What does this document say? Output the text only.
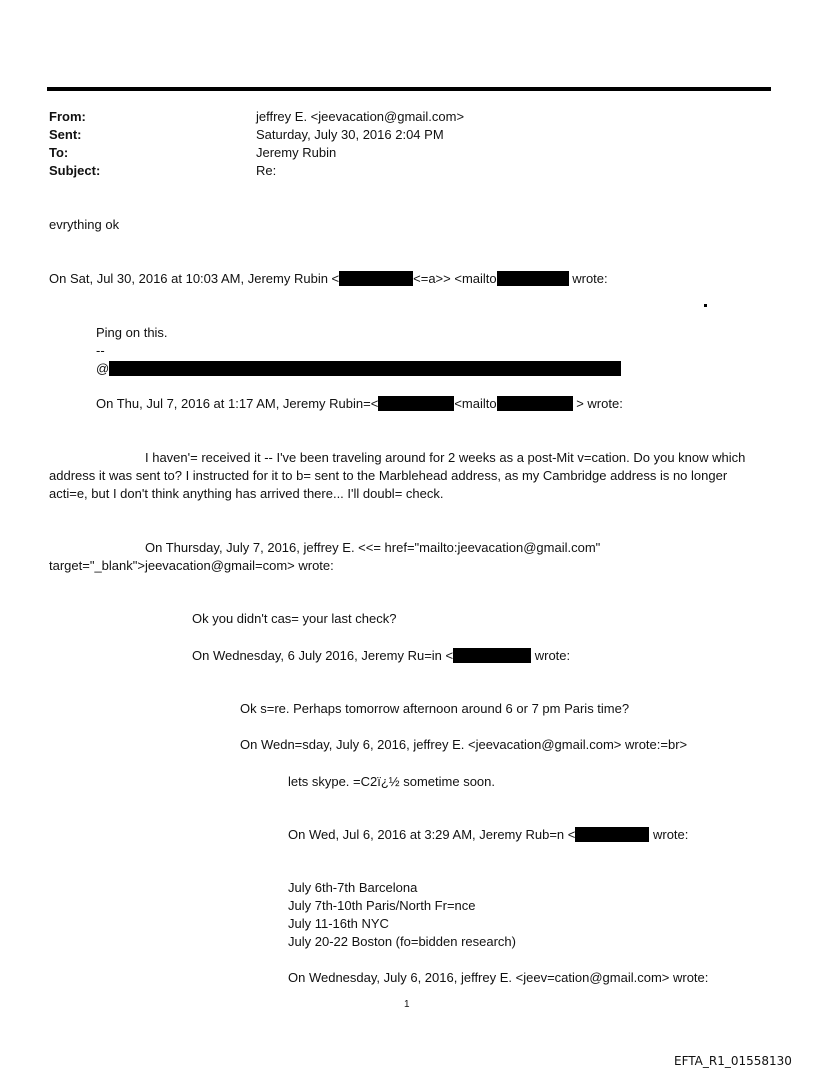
From:	jeffrey E. <jeevacation@gmail.com>
Sent:	Saturday, July 30, 2016 2:04 PM
To:	Jeremy Rubin
Subject:	Re:
evrything ok
On Sat, Jul 30, 2016 at 10:03 AM, Jeremy Rubin <	<=a>> <mailto	wrote:
Ping on this.
--
@
On Thu, Jul 7, 2016 at 1:17 AM, Jeremy Rubin=<	<mailto	> wrote:
I haven'= received it -- I've been traveling around for 2 weeks as a post-Mit v=cation. Do you know which
address it was sent to? I instructed for it to b= sent to the Marblehead address, as my Cambridge address is no longer
acti=e, but I don't think anything has arrived there... I'll doubl= check.
On Thursday, July 7, 2016, jeffrey E. <<= href="mailto:jeevacation@gmail.com"
target="_blank">jeevacation@gmail=com> wrote:
Ok you didn't cas= your last check?
On Wednesday, 6 July 2016, Jeremy Ru=in <	wrote:
Ok s=re. Perhaps tomorrow afternoon around 6 or 7 pm Paris time?
On Wedn=sday, July 6, 2016, jeffrey E. <jeevacation@gmail.com> wrote:=br>
lets skype. =C2ï¿½ sometime soon.
On Wed, Jul 6, 2016 at 3:29 AM, Jeremy Rub=n <	wrote:
July 6th-7th Barcelona
July 7th-10th Paris/North Fr=nce
July 11-16th NYC
July 20-22 Boston (fo=bidden research)
On Wednesday, July 6, 2016, jeffrey E. <jeev=cation@gmail.com> wrote:
1
EFTA_R1_01558130
